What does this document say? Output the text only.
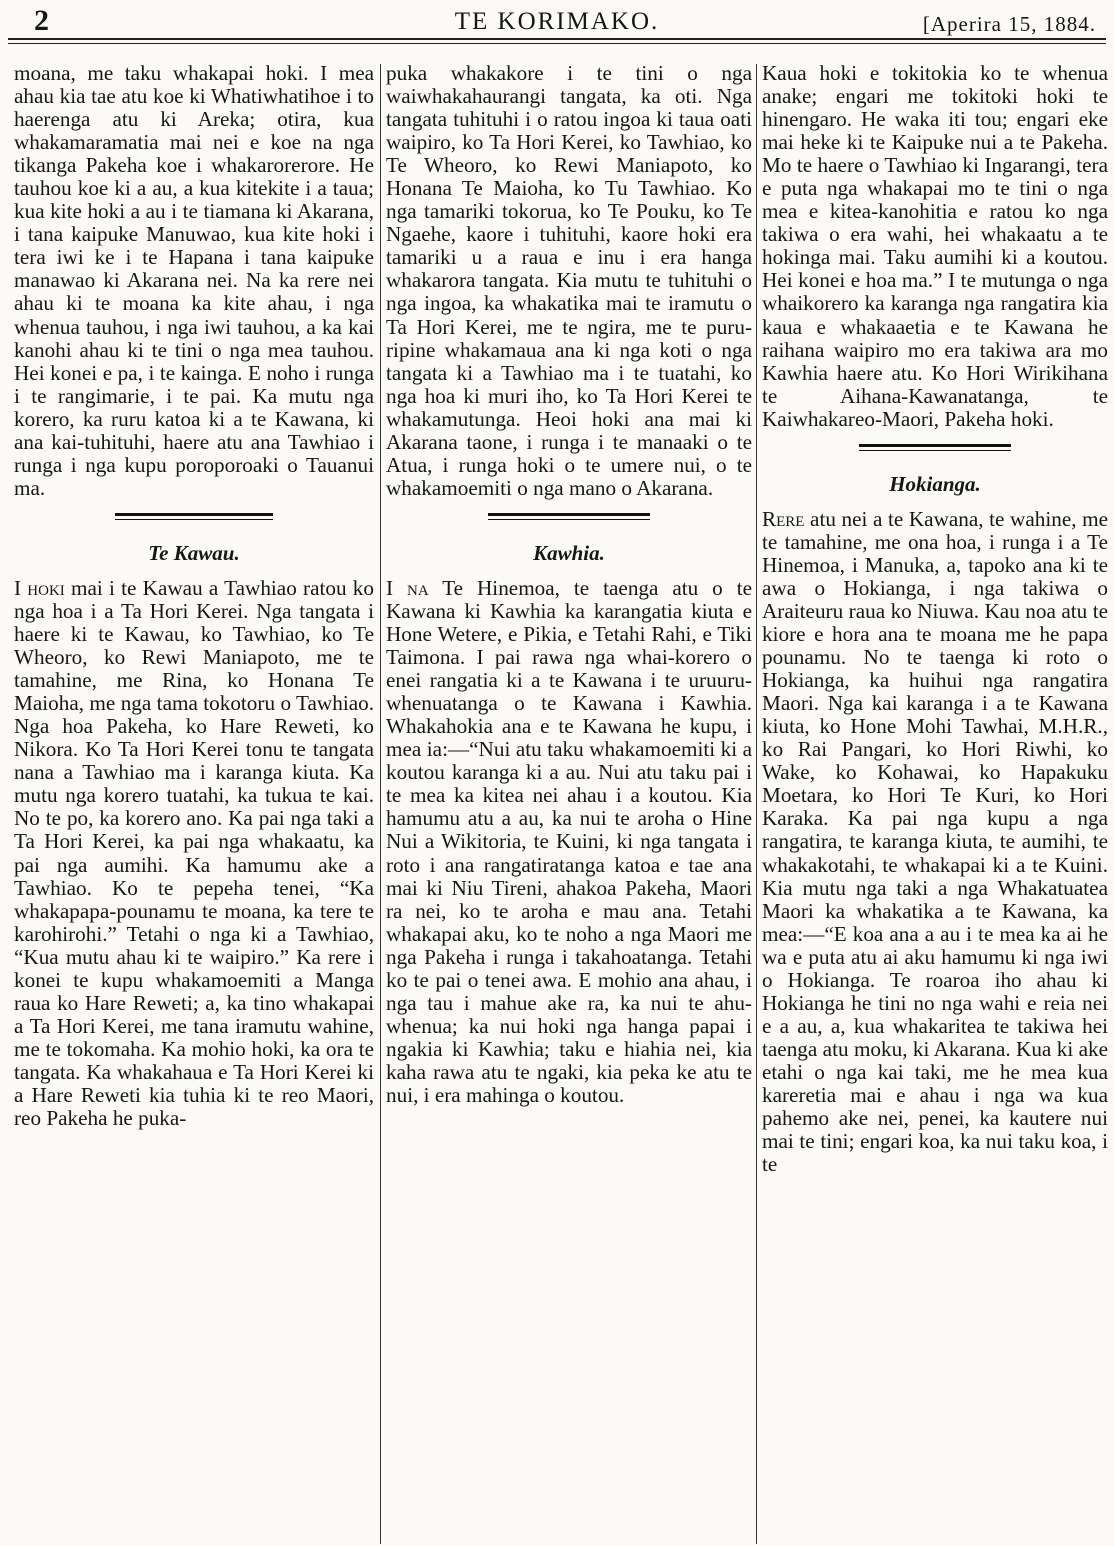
2	TE KORIMAKO.	[Aperira 15, 1884.

moana, me taku whakapai hoki. I mea ahau kia tae atu koe ki Whatiwhatihoe i to haerenga atu ki Areka; otira, kua whakamaramatia mai nei e koe na nga tikanga Pakeha koe i whakarorerore. He tauhou koe ki a au, a kua kitekite i a taua; kua kite hoki a au i te tiamana ki Akarana, i tana kaipuke Manuwao, kua kite hoki i tera iwi ke i te Hapana i tana kaipuke manawao ki Akarana nei. Na ka rere nei ahau ki te moana ka kite ahau, i nga whenua tauhou, i nga iwi tauhou, a ka kai kanohi ahau ki te tini o nga mea tauhou. Hei konei e pa, i te kainga. E noho i runga i te rangimarie, i te pai. Ka mutu nga korero, ka ruru katoa ki a te Kawana, ki ana kai-tuhituhi, haere atu ana Tawhiao i runga i nga kupu poroporoaki o Tauanui ma.

Te Kawau.

I hoki mai i te Kawau a Tawhiao ratou ko nga hoa i a Ta Hori Kerei. Nga tangata i haere ki te Kawau, ko Tawhiao, ko Te Wheoro, ko Rewi Maniapoto, me te tamahine, me Rina, ko Honana Te Maioha, me nga tama tokotoru o Tawhiao. Nga hoa Pakeha, ko Hare Reweti, ko Nikora. Ko Ta Hori Kerei tonu te tangata nana a Tawhiao ma i karanga kiuta. Ka mutu nga korero tuatahi, ka tukua te kai. No te po, ka korero ano. Ka pai nga taki a Ta Hori Kerei, ka pai nga whakaatu, ka pai nga aumihi. Ka hamumu ake a Tawhiao. Ko te pepeha tenei, “Ka whakapapa-pounamu te moana, ka tere te karohirohi.” Tetahi o nga ki a Tawhiao, “Kua mutu ahau ki te waipiro.” Ka rere i konei te kupu whakamoemiti a Manga raua ko Hare Reweti; a, ka tino whakapai a Ta Hori Kerei, me tana iramutu wahine, me te tokomaha. Ka mohio hoki, ka ora te tangata. Ka whakahaua e Ta Hori Kerei ki a Hare Reweti kia tuhia ki te reo Maori, reo Pakeha he puka-

puka whakakore i te tini o nga waiwhakahaurangi tangata, ka oti. Nga tangata tuhituhi i o ratou ingoa ki taua oati waipiro, ko Ta Hori Kerei, ko Tawhiao, ko Te Wheoro, ko Rewi Maniapoto, ko Honana Te Maioha, ko Tu Tawhiao. Ko nga tamariki tokorua, ko Te Pouku, ko Te Ngaehe, kaore i tuhituhi, kaore hoki era tamariki u a raua e inu i era hanga whakarora tangata. Kia mutu te tuhituhi o nga ingoa, ka whakatika mai te iramutu o Ta Hori Kerei, me te ngira, me te puru-ripine whakamaua ana ki nga koti o nga tangata ki a Tawhiao ma i te tuatahi, ko nga hoa ki muri iho, ko Ta Hori Kerei te whakamutunga. Heoi hoki ana mai ki Akarana taone, i runga i te manaaki o te Atua, i runga hoki o te umere nui, o te whakamoemiti o nga mano o Akarana.

Kawhia.

I na Te Hinemoa, te taenga atu o te Kawana ki Kawhia ka karangatia kiuta e Hone Wetere, e Pikia, e Tetahi Rahi, e Tiki Taimona. I pai rawa nga whai-korero o enei rangatia ki a te Kawana i te uruuru-whenuatanga o te Kawana i Kawhia. Whakahokia ana e te Kawana he kupu, i mea ia:—“Nui atu taku whakamoemiti ki a koutou karanga ki a au. Nui atu taku pai i te mea ka kitea nei ahau i a koutou. Kia hamumu atu a au, ka nui te aroha o Hine Nui a Wikitoria, te Kuini, ki nga tangata i roto i ana rangatiratanga katoa e tae ana mai ki Niu Tireni, ahakoa Pakeha, Maori ra nei, ko te aroha e mau ana. Tetahi whakapai aku, ko te noho a nga Maori me nga Pakeha i runga i takahoatanga. Tetahi ko te pai o tenei awa. E mohio ana ahau, i nga tau i mahue ake ra, ka nui te ahu-whenua; ka nui hoki nga hanga papai i ngakia ki Kawhia; taku e hiahia nei, kia kaha rawa atu te ngaki, kia peka ke atu te nui, i era mahinga o koutou.

Kaua hoki e tokitokia ko te whenua anake; engari me tokitoki hoki te hinengaro. He waka iti tou; engari eke mai heke ki te Kaipuke nui a te Pakeha. Mo te haere o Tawhiao ki Ingarangi, tera e puta nga whakapai mo te tini o nga mea e kitea-kanohitia e ratou ko nga takiwa o era wahi, hei whakaatu a te hokinga mai. Taku aumihi ki a koutou. Hei konei e hoa ma.” I te mutunga o nga whaikorero ka karanga nga rangatira kia kaua e whakaaetia e te Kawana he raihana waipiro mo era takiwa ara mo Kawhia haere atu. Ko Hori Wirikihana te Aihana-Kawanatanga, te Kaiwhakareo-Maori, Pakeha hoki.

Hokianga.

Rere atu nei a te Kawana, te wahine, me te tamahine, me ona hoa, i runga i a Te Hinemoa, i Manuka, a, tapoko ana ki te awa o Hokianga, i nga takiwa o Araiteuru raua ko Niuwa. Kau noa atu te kiore e hora ana te moana me he papa pounamu. No te taenga ki roto o Hokianga, ka huihui nga rangatira Maori. Nga kai karanga i a te Kawana kiuta, ko Hone Mohi Tawhai, M.H.R., ko Rai Pangari, ko Hori Riwhi, ko Wake, ko Kohawai, ko Hapakuku Moetara, ko Hori Te Kuri, ko Hori Karaka. Ka pai nga kupu a nga rangatira, te karanga kiuta, te aumihi, te whakakotahi, te whakapai ki a te Kuini. Kia mutu nga taki a nga Whakatuatea Maori ka whakatika a te Kawana, ka mea:—“E koa ana a au i te mea ka ai he wa e puta atu ai aku hamumu ki nga iwi o Hokianga. Te roaroa iho ahau ki Hokianga he tini no nga wahi e reia nei e a au, a, kua whakaritea te takiwa hei taenga atu moku, ki Akarana. Kua ki ake etahi o nga kai taki, me he mea kua kareretia mai e ahau i nga wa kua pahemo ake nei, penei, ka kautere nui mai te tini; engari koa, ka nui taku koa, i te
